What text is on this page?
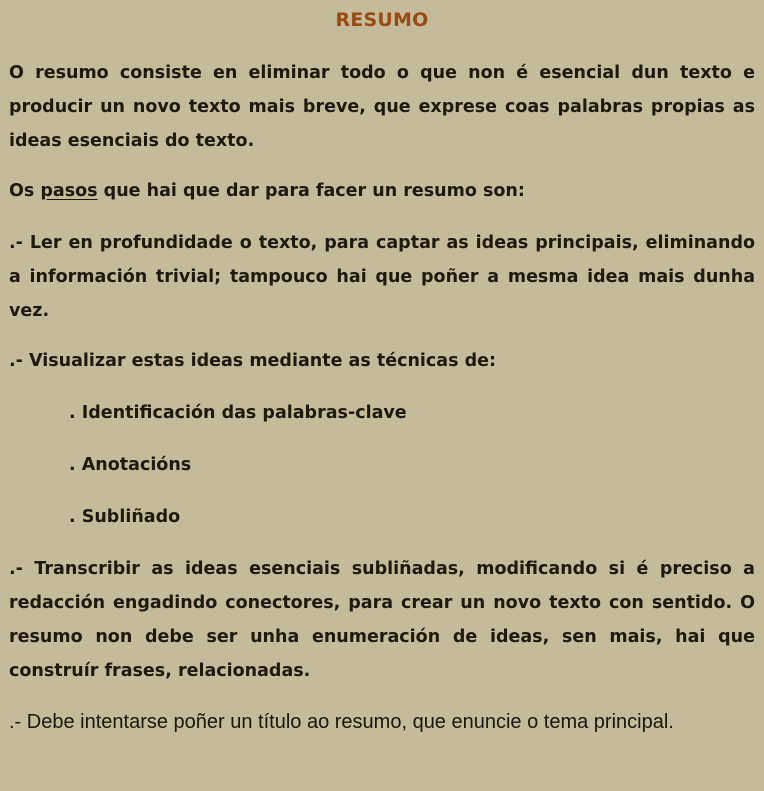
RESUMO

O resumo consiste en eliminar todo o que non é esencial dun texto e producir un novo texto mais breve, que exprese coas palabras propias as ideas esenciais do texto.

Os pasos que hai que dar para facer un resumo son:

.- Ler en profundidade o texto, para captar as ideas principais, eliminando a información trivial; tampouco hai que poñer a mesma idea mais dunha vez.

.- Visualizar estas ideas mediante as técnicas de:

. Identificación das palabras-clave

. Anotacións

. Subliñado

.- Transcribir as ideas esenciais subliñadas, modificando si é preciso a redacción engadindo conectores, para crear un novo texto con sentido. O resumo non debe ser unha enumeración de ideas, sen mais, hai que construír frases, relacionadas.

.- Debe intentarse poñer un título ao resumo, que enuncie o tema principal.
